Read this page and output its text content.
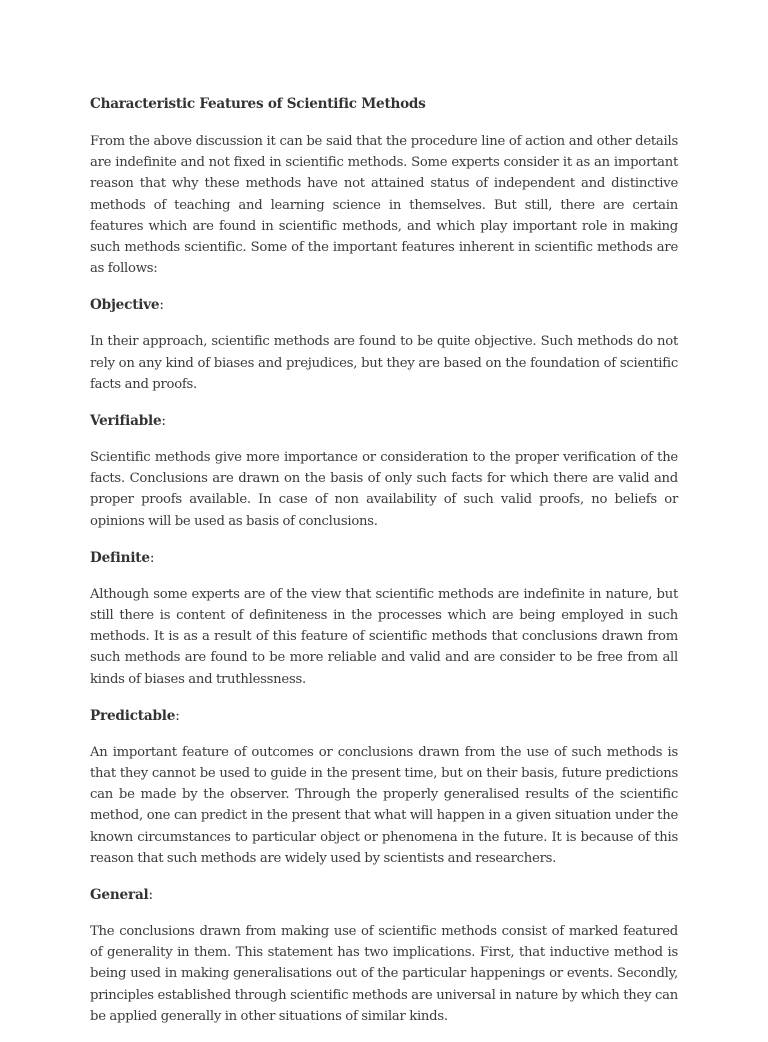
Characteristic Features of Scientific Methods

From the above discussion it can be said that the procedure line of action and other details are indefinite and not fixed in scientific methods. Some experts consider it as an important reason that why these methods have not attained status of independent and distinctive methods of teaching and learning science in themselves. But still, there are certain features which are found in scientific methods, and which play important role in making such methods scientific. Some of the important features inherent in scientific methods are as follows:

Objective:

In their approach, scientific methods are found to be quite objective. Such methods do not rely on any kind of biases and prejudices, but they are based on the foundation of scientific facts and proofs.

Verifiable:

Scientific methods give more importance or consideration to the proper verification of the facts. Conclusions are drawn on the basis of only such facts for which there are valid and proper proofs available. In case of non availability of such valid proofs, no beliefs or opinions will be used as basis of conclusions.

Definite:

Although some experts are of the view that scientific methods are indefinite in nature, but still there is content of definiteness in the processes which are being employed in such methods. It is as a result of this feature of scientific methods that conclusions drawn from such methods are found to be more reliable and valid and are consider to be free from all kinds of biases and truthlessness.

Predictable:

An important feature of outcomes or conclusions drawn from the use of such methods is that they cannot be used to guide in the present time, but on their basis, future predictions can be made by the observer. Through the properly generalised results of the scientific method, one can predict in the present that what will happen in a given situation under the known circumstances to particular object or phenomena in the future. It is because of this reason that such methods are widely used by scientists and researchers.

General:

The conclusions drawn from making use of scientific methods consist of marked featured of generality in them. This statement has two implications. First, that inductive method is being used in making generalisations out of the particular happenings or events. Secondly, principles established through scientific methods are universal in nature by which they can be applied generally in other situations of similar kinds.
